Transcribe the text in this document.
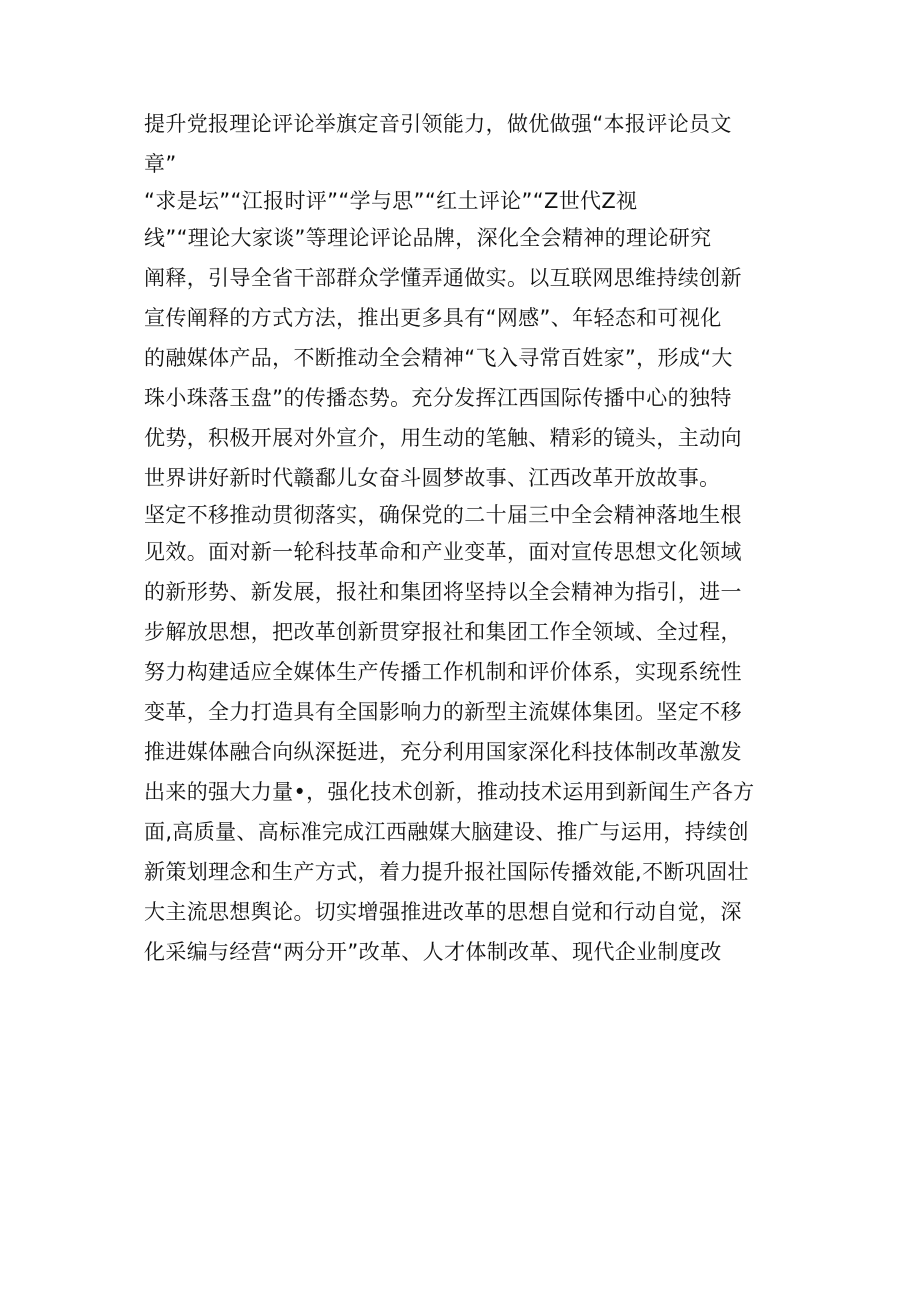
提升党报理论评论举旗定音引领能力，做优做强“本报评论员文
章”
“求是坛”“江报时评”“学与思”“红土评论”“Z世代Z视
线”“理论大家谈”等理论评论品牌，深化全会精神的理论研究
阐释，引导全省干部群众学懂弄通做实。以互联网思维持续创新
宣传阐释的方式方法，推出更多具有“网感”、年轻态和可视化
的融媒体产品，不断推动全会精神“飞入寻常百姓家”，形成“大
珠小珠落玉盘”的传播态势。充分发挥江西国际传播中心的独特
优势，积极开展对外宣介，用生动的笔触、精彩的镜头，主动向
世界讲好新时代赣鄱儿女奋斗圆梦故事、江西改革开放故事。
坚定不移推动贯彻落实，确保党的二十届三中全会精神落地生根
见效。面对新一轮科技革命和产业变革，面对宣传思想文化领域
的新形势、新发展，报社和集团将坚持以全会精神为指引，进一
步解放思想，把改革创新贯穿报社和集团工作全领域、全过程，
努力构建适应全媒体生产传播工作机制和评价体系，实现系统性
变革，全力打造具有全国影响力的新型主流媒体集团。坚定不移
推进媒体融合向纵深挺进，充分利用国家深化科技体制改革激发
出来的强大力量•，强化技术创新，推动技术运用到新闻生产各方
面,高质量、高标准完成江西融媒大脑建设、推广与运用，持续创
新策划理念和生产方式，着力提升报社国际传播效能,不断巩固壮
大主流思想舆论。切实增强推进改革的思想自觉和行动自觉，深
化采编与经营“两分开”改革、人才体制改革、现代企业制度改
